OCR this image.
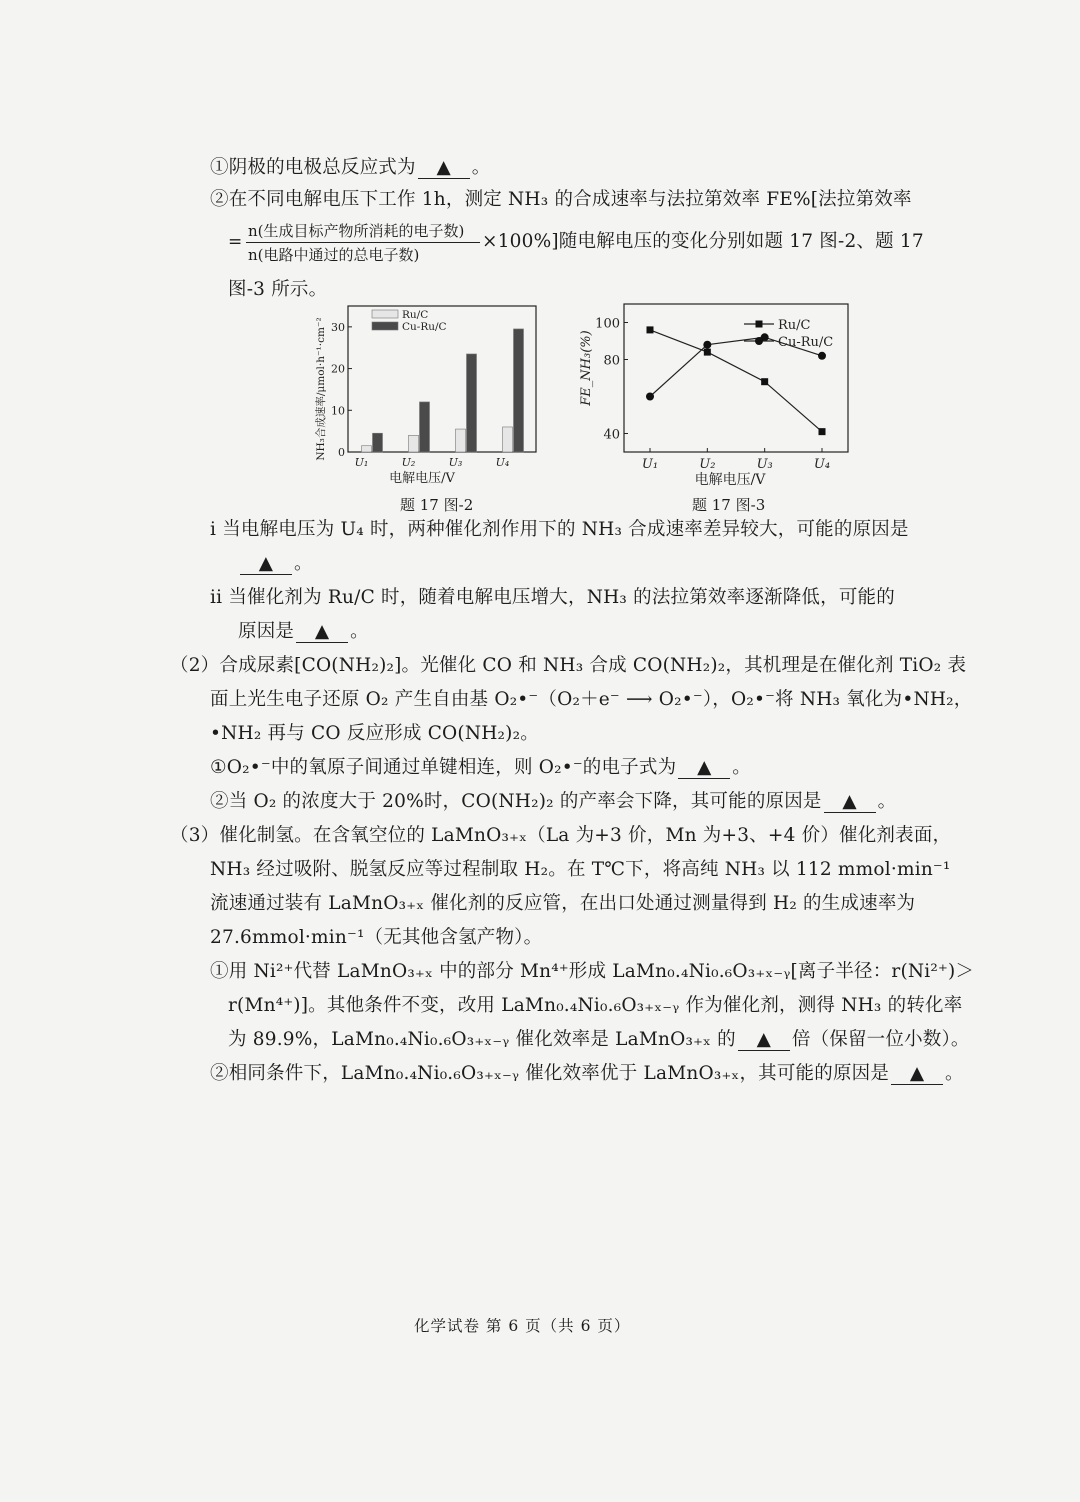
①阴极的电极总反应式为 ▲ 。
②在不同电解电压下工作 1h，测定 NH₃ 的合成速率与法拉第效率 FE%[法拉第效率
=
n(生成目标产物所消耗的电子数)
n(电路中通过的总电子数)
×100%]随电解电压的变化分别如题 17 图-2、题 17
图-3 所示。
0
10
20
30
U₁	U₂	U₃	U₄
电解电压/V
NH₃合成速率/μmol·h⁻¹·cm⁻²
Ru/C
Cu-Ru/C
题 17 图-2
40
80
100
U₁	U₂	U₃	U₄
电解电压/V
FE_NH₃(%)
Ru/C
Cu-Ru/C
题 17 图-3
i 当电解电压为 U₄ 时，两种催化剂作用下的 NH₃ 合成速率差异较大，可能的原因是
▲ 。
ii 当催化剂为 Ru/C 时，随着电解电压增大，NH₃ 的法拉第效率逐渐降低，可能的
原因是 ▲ 。
（2）合成尿素[CO(NH₂)₂]。光催化 CO 和 NH₃ 合成 CO(NH₂)₂，其机理是在催化剂 TiO₂ 表
面上光生电子还原 O₂ 产生自由基 O₂•⁻（O₂＋e⁻ ⟶ O₂•⁻），O₂•⁻将 NH₃ 氧化为•NH₂，
•NH₂ 再与 CO 反应形成 CO(NH₂)₂。
①O₂•⁻中的氧原子间通过单键相连，则 O₂•⁻的电子式为 ▲ 。
②当 O₂ 的浓度大于 20%时，CO(NH₂)₂ 的产率会下降，其可能的原因是 ▲ 。
（3）催化制氢。在含氧空位的 LaMnO₃₊ₓ（La 为+3 价，Mn 为+3、+4 价）催化剂表面，
NH₃ 经过吸附、脱氢反应等过程制取 H₂。在 T℃下，将高纯 NH₃ 以 112 mmol·min⁻¹
流速通过装有 LaMnO₃₊ₓ 催化剂的反应管，在出口处通过测量得到 H₂ 的生成速率为
27.6mmol·min⁻¹（无其他含氢产物）。
①用 Ni²⁺代替 LaMnO₃₊ₓ 中的部分 Mn⁴⁺形成 LaMn₀.₄Ni₀.₆O₃₊ₓ₋ᵧ[离子半径：r(Ni²⁺)＞
r(Mn⁴⁺)]。其他条件不变，改用 LaMn₀.₄Ni₀.₆O₃₊ₓ₋ᵧ 作为催化剂，测得 NH₃ 的转化率
为 89.9%，LaMn₀.₄Ni₀.₆O₃₊ₓ₋ᵧ 催化效率是 LaMnO₃₊ₓ 的 ▲ 倍（保留一位小数）。
②相同条件下，LaMn₀.₄Ni₀.₆O₃₊ₓ₋ᵧ 催化效率优于 LaMnO₃₊ₓ，其可能的原因是 ▲ 。
化学试卷 第 6 页（共 6 页）
